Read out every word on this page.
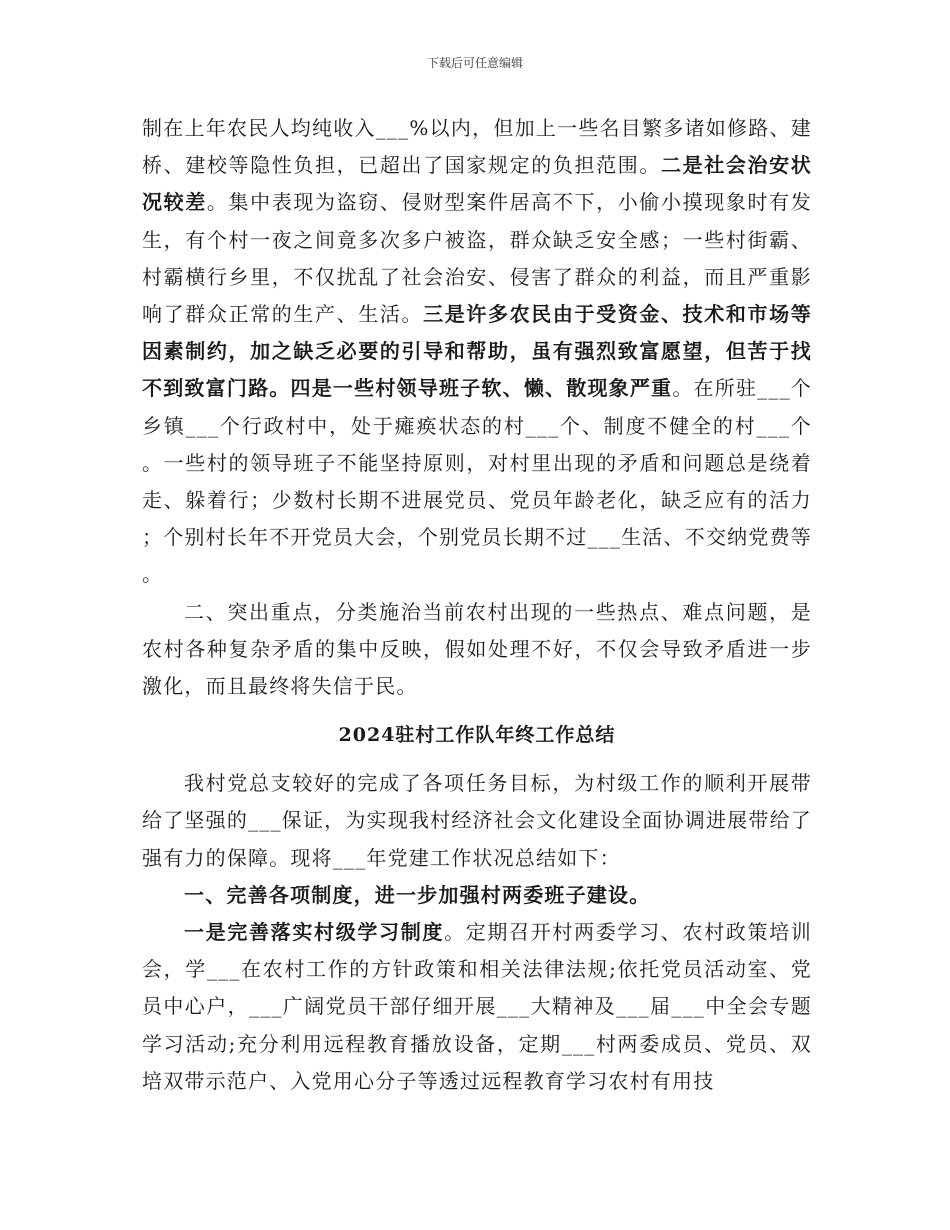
下载后可任意编辑

制在上年农民人均纯收入___%以内，但加上一些名目繁多诸如修路、建桥、建校等隐性负担，已超出了国家规定的负担范围。二是社会治安状况较差。集中表现为盗窃、侵财型案件居高不下，小偷小摸现象时有发生，有个村一夜之间竟多次多户被盗，群众缺乏安全感；一些村街霸、村霸横行乡里，不仅扰乱了社会治安、侵害了群众的利益，而且严重影响了群众正常的生产、生活。三是许多农民由于受资金、技术和市场等因素制约，加之缺乏必要的引导和帮助，虽有强烈致富愿望，但苦于找不到致富门路。四是一些村领导班子软、懒、散现象严重。在所驻___个乡镇___个行政村中，处于瘫痪状态的村___个、制度不健全的村___个。一些村的领导班子不能坚持原则，对村里出现的矛盾和问题总是绕着走、躲着行；少数村长期不进展党员、党员年龄老化，缺乏应有的活力；个别村长年不开党员大会，个别党员长期不过___生活、不交纳党费等。

二、突出重点，分类施治当前农村出现的一些热点、难点问题，是农村各种复杂矛盾的集中反映，假如处理不好，不仅会导致矛盾进一步激化，而且最终将失信于民。

2024驻村工作队年终工作总结

我村党总支较好的完成了各项任务目标，为村级工作的顺利开展带给了坚强的___保证，为实现我村经济社会文化建设全面协调进展带给了强有力的保障。现将___年党建工作状况总结如下：

一、完善各项制度，进一步加强村两委班子建设。

一是完善落实村级学习制度。定期召开村两委学习、农村政策培训会，学___在农村工作的方针政策和相关法律法规;依托党员活动室、党员中心户，___广阔党员干部仔细开展___大精神及___届___中全会专题学习活动;充分利用远程教育播放设备，定期___村两委成员、党员、双培双带示范户、入党用心分子等透过远程教育学习农村有用技
